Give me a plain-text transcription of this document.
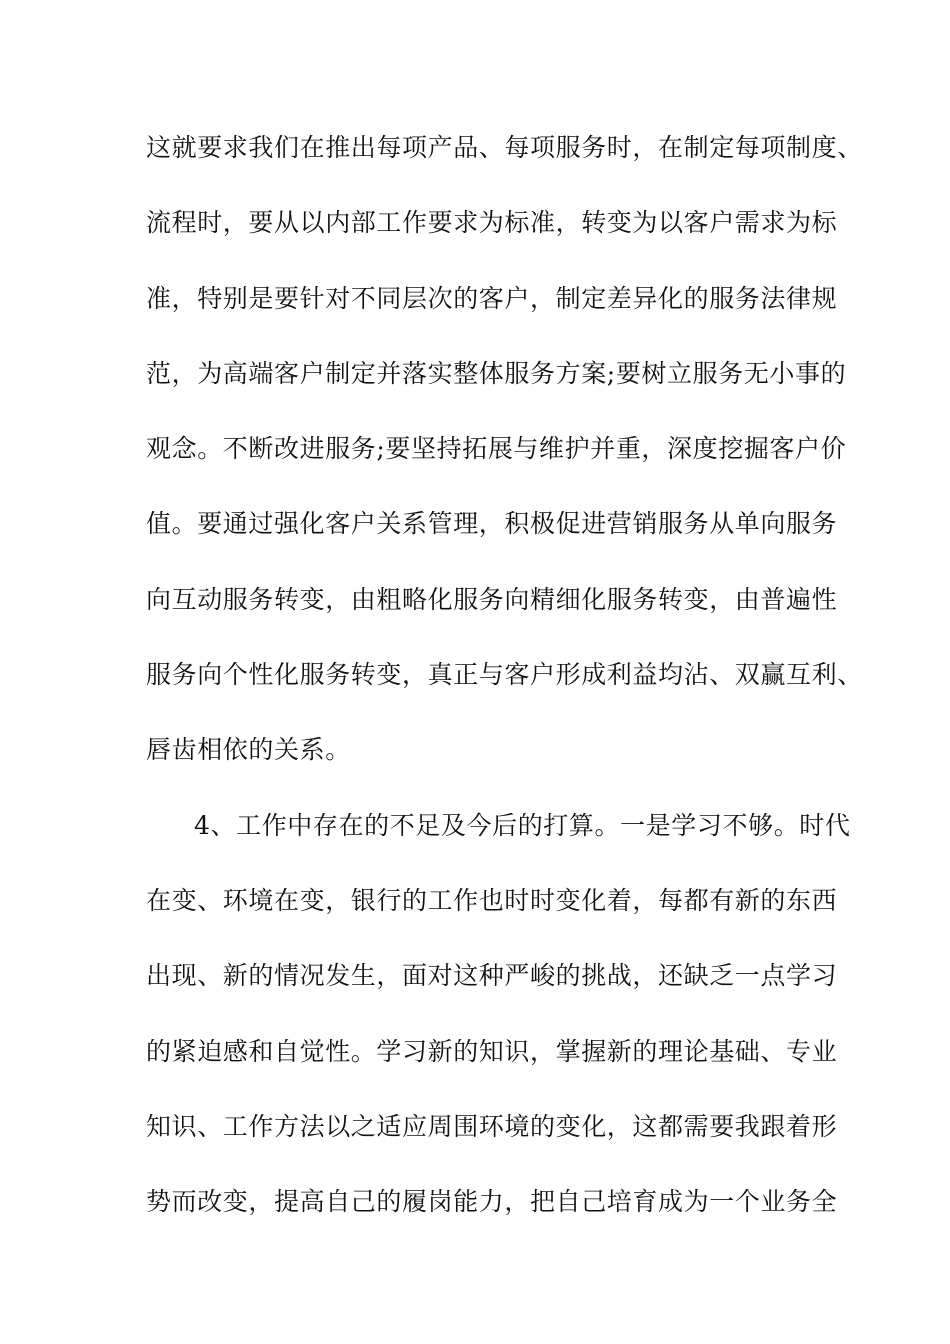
这就要求我们在推出每项产品、每项服务时，在制定每项制度、
流程时，要从以内部工作要求为标准，转变为以客户需求为标
准，特别是要针对不同层次的客户，制定差异化的服务法律规
范，为高端客户制定并落实整体服务方案;要树立服务无小事的
观念。不断改进服务;要坚持拓展与维护并重，深度挖掘客户价
值。要通过强化客户关系管理，积极促进营销服务从单向服务
向互动服务转变，由粗略化服务向精细化服务转变，由普遍性
服务向个性化服务转变，真正与客户形成利益均沾、双赢互利、
唇齿相依的关系。
4、工作中存在的不足及今后的打算。一是学习不够。时代
在变、环境在变，银行的工作也时时变化着，每都有新的东西
出现、新的情况发生，面对这种严峻的挑战，还缺乏一点学习
的紧迫感和自觉性。学习新的知识，掌握新的理论基础、专业
知识、工作方法以之适应周围环境的变化，这都需要我跟着形
势而改变，提高自己的履岗能力，把自己培育成为一个业务全
